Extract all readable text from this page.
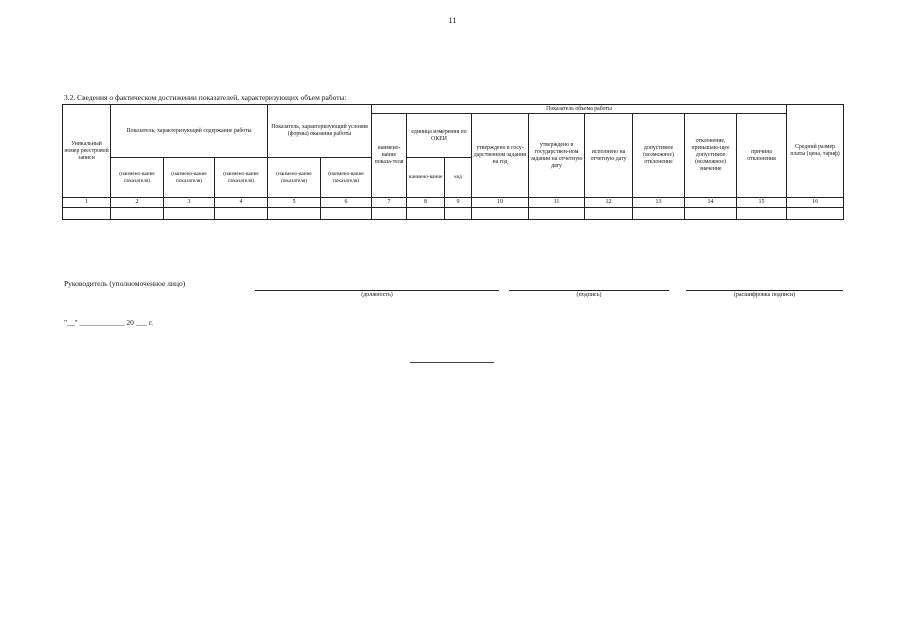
11
3.2. Сведения о фактическом достижении показателей, характеризующих объем работы:
Уникальный номер реестровой записи	Показатель, характеризующий содержание работы			Показатель, характеризующий условия (формы) оказания работы		Показатель объема работы									Средний размер платы (цена, тариф)
						наимено-вание показа-теля	единица измерения по ОКЕИ		утверждено в госу-дарственном задании на год	утверждено в государствен-ном задании на отчетную дату	исполнено на отчетную дату	допустимое (возможное) отклонение	отклонение, превышаю-щее допустимое (возможное) значение	причина отклонения	
	(наимено-вание показателя)	(наимено-вание показателя)	(наимено-вание показателя)	(наимено-вание показателя)	(наимено-вание показателя)		наимено-вание	код							
1	2	3	4	5	6	7	8	9	10	11	12	13	14	15	16

Руководитель (уполномоченное лицо)
(должность)	(подпись)	(расшифровка подписи)
"__" ____________ 20 ___ г.
